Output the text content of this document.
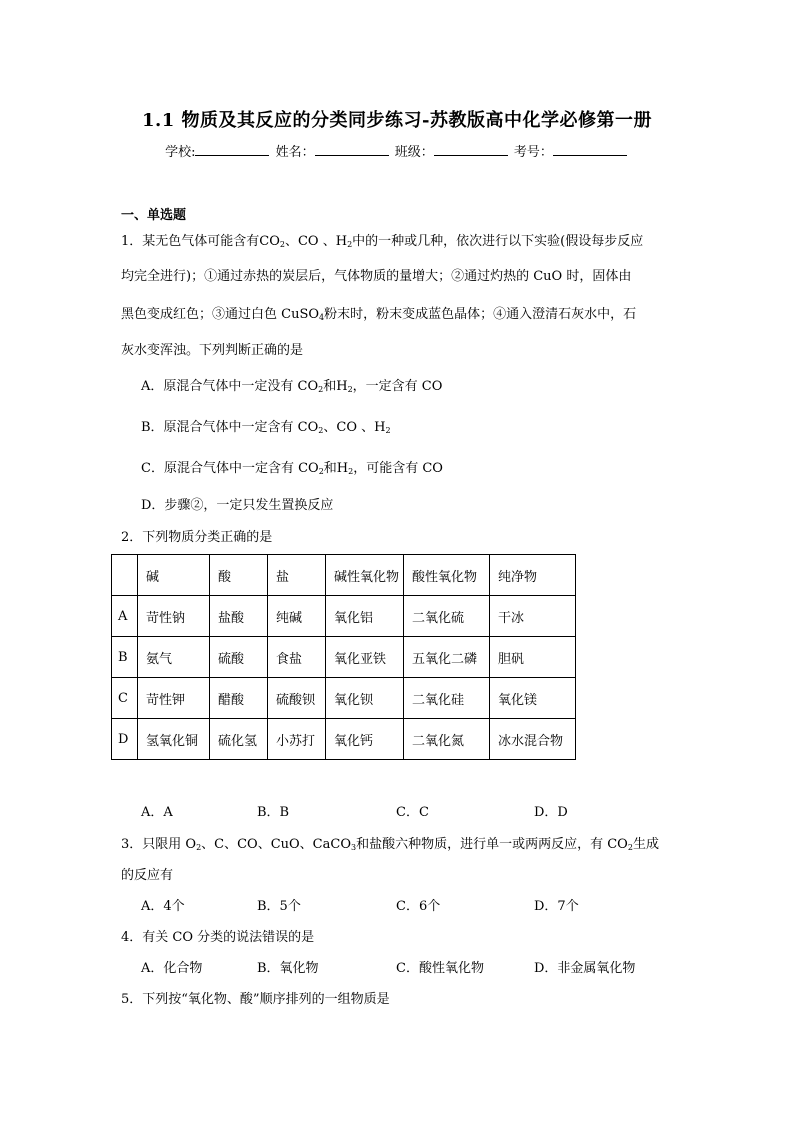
1.1 物质及其反应的分类同步练习-苏教版高中化学必修第一册
学校:	姓名：	班级：	考号：
一、单选题
1．某无色气体可能含有$CO_2$、CO 、$H_2$中的一种或几种，依次进行以下实验(假设每步反应
均完全进行)；①通过赤热的炭层后，气体物质的量增大；②通过灼热的 CuO 时，固体由
黑色变成红色；③通过白色 CuSO$_4$粉末时，粉末变成蓝色晶体；④通入澄清石灰水中，石
灰水变浑浊。下列判断正确的是
A．原混合气体中一定没有 $CO_2$和$H_2$，一定含有 CO
B．原混合气体中一定含有 $CO_2$、CO 、$H_2$
C．原混合气体中一定含有 $CO_2$和$H_2$，可能含有 CO
D．步骤②，一定只发生置换反应
2．下列物质分类正确的是
	碱	酸	盐	碱性氧化物	酸性氧化物	纯净物
A	苛性钠	盐酸	纯碱	氧化铝	二氧化硫	干冰
B	氨气	硫酸	食盐	氧化亚铁	五氧化二磷	胆矾
C	苛性钾	醋酸	硫酸钡	氧化钡	二氧化硅	氧化镁
D	氢氧化铜	硫化氢	小苏打	氧化钙	二氧化氮	冰水混合物
A．A	B．B	C．C	D．D
3．只限用 $O_2$、C、CO、CuO、CaCO$_3$和盐酸六种物质，进行单一或两两反应，有 $CO_2$生成
的反应有
A．4个	B．5个	C．6个	D．7个
4．有关 CO 分类的说法错误的是
A．化合物	B．氧化物	C．酸性氧化物	D．非金属氧化物
5．下列按“氧化物、酸”顺序排列的一组物质是
